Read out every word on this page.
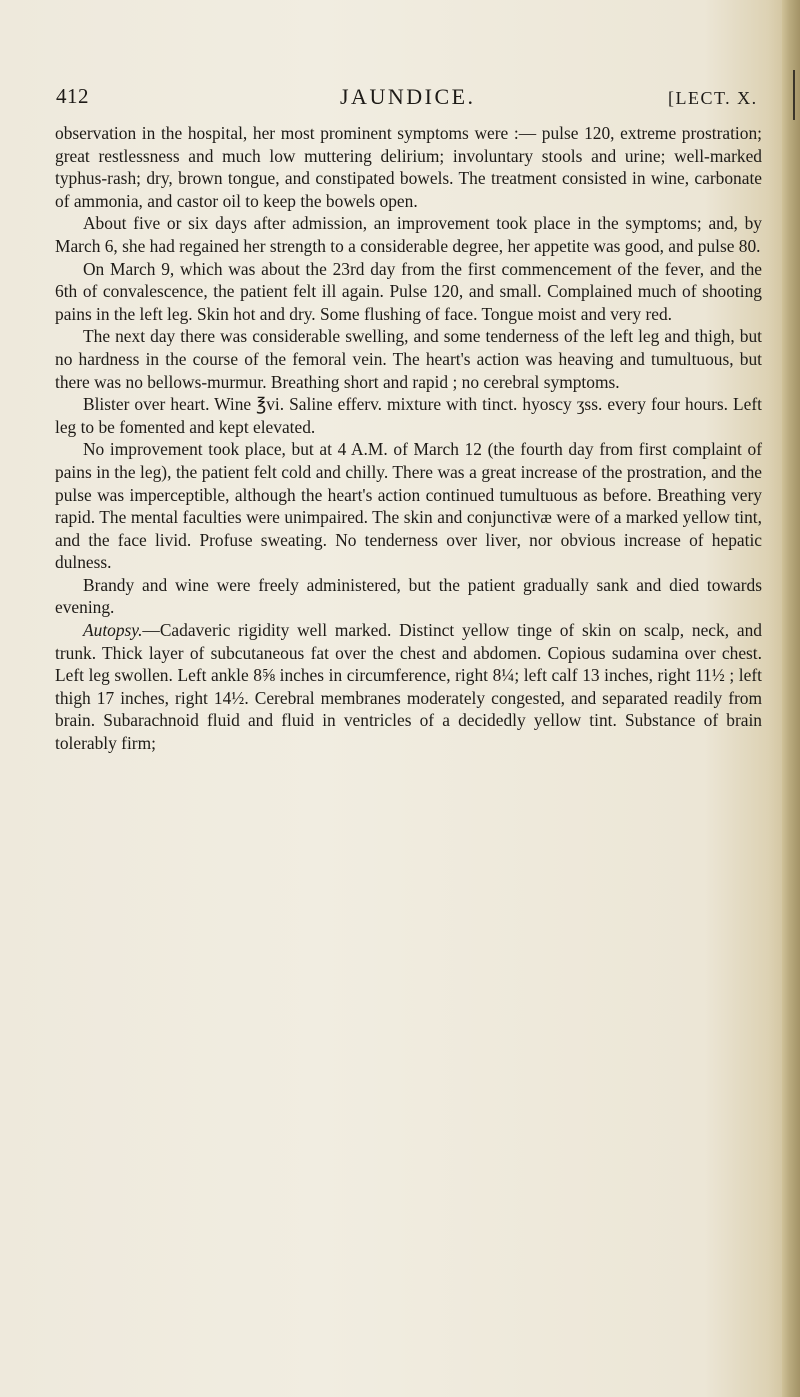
412	JAUNDICE.	[LECT. X.

observation in the hospital, her most prominent symptoms were :— pulse 120, extreme prostration; great restlessness and much low muttering delirium; involuntary stools and urine; well-marked typhus-rash; dry, brown tongue, and constipated bowels. The treatment consisted in wine, carbonate of ammonia, and castor oil to keep the bowels open.

About five or six days after admission, an improvement took place in the symptoms; and, by March 6, she had regained her strength to a considerable degree, her appetite was good, and pulse 80.

On March 9, which was about the 23rd day from the first commencement of the fever, and the 6th of convalescence, the patient felt ill again. Pulse 120, and small. Complained much of shooting pains in the left leg. Skin hot and dry. Some flushing of face. Tongue moist and very red.

The next day there was considerable swelling, and some tenderness of the left leg and thigh, but no hardness in the course of the femoral vein. The heart's action was heaving and tumultuous, but there was no bellows-murmur. Breathing short and rapid ; no cerebral symptoms.

Blister over heart. Wine ℥vi. Saline efferv. mixture with tinct. hyoscy ʒss. every four hours. Left leg to be fomented and kept elevated.

No improvement took place, but at 4 A.M. of March 12 (the fourth day from first complaint of pains in the leg), the patient felt cold and chilly. There was a great increase of the prostration, and the pulse was imperceptible, although the heart's action continued tumultuous as before. Breathing very rapid. The mental faculties were unimpaired. The skin and conjunctivæ were of a marked yellow tint, and the face livid. Profuse sweating. No tenderness over liver, nor obvious increase of hepatic dulness.

Brandy and wine were freely administered, but the patient gradually sank and died towards evening.

Autopsy.—Cadaveric rigidity well marked. Distinct yellow tinge of skin on scalp, neck, and trunk. Thick layer of subcutaneous fat over the chest and abdomen. Copious sudamina over chest. Left leg swollen. Left ankle 8⅝ inches in circumference, right 8¼; left calf 13 inches, right 11½ ; left thigh 17 inches, right 14½. Cerebral membranes moderately congested, and separated readily from brain. Subarachnoid fluid and fluid in ventricles of a decidedly yellow tint. Substance of brain tolerably firm;
